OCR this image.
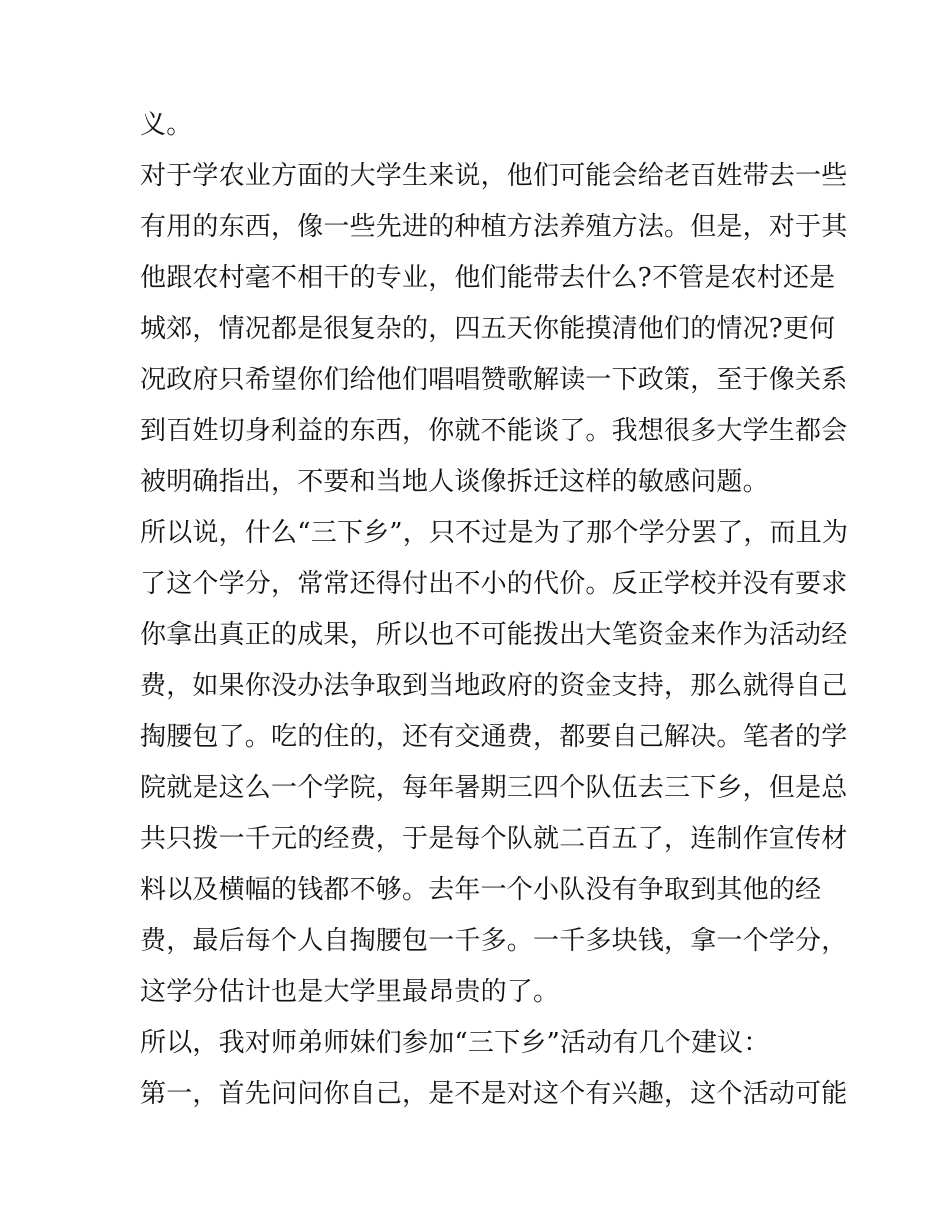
义。
对于学农业方面的大学生来说，他们可能会给老百姓带去一些
有用的东西，像一些先进的种植方法养殖方法。但是，对于其
他跟农村毫不相干的专业，他们能带去什么?不管是农村还是
城郊，情况都是很复杂的，四五天你能摸清他们的情况?更何
况政府只希望你们给他们唱唱赞歌解读一下政策，至于像关系
到百姓切身利益的东西，你就不能谈了。我想很多大学生都会
被明确指出，不要和当地人谈像拆迁这样的敏感问题。
所以说，什么“三下乡”，只不过是为了那个学分罢了，而且为
了这个学分，常常还得付出不小的代价。反正学校并没有要求
你拿出真正的成果，所以也不可能拨出大笔资金来作为活动经
费，如果你没办法争取到当地政府的资金支持，那么就得自己
掏腰包了。吃的住的，还有交通费，都要自己解决。笔者的学
院就是这么一个学院，每年暑期三四个队伍去三下乡，但是总
共只拨一千元的经费，于是每个队就二百五了，连制作宣传材
料以及横幅的钱都不够。去年一个小队没有争取到其他的经
费，最后每个人自掏腰包一千多。一千多块钱，拿一个学分，
这学分估计也是大学里最昂贵的了。
所以，我对师弟师妹们参加“三下乡”活动有几个建议：
第一，首先问问你自己，是不是对这个有兴趣，这个活动可能
